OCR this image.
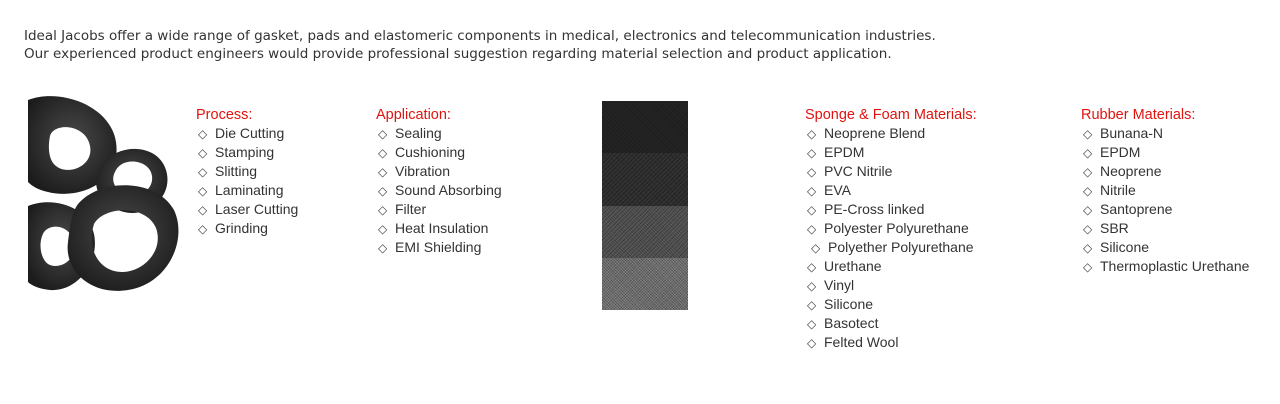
Ideal Jacobs offer a wide range of gasket, pads and elastomeric components in medical, electronics and telecommunication industries.

Our experienced product engineers would provide professional suggestion regarding material selection and product application.

Process:
◇ Die Cutting
◇ Stamping
◇ Slitting
◇ Laminating
◇ Laser Cutting
◇ Grinding
Application:
◇ Sealing
◇ Cushioning
◇ Vibration
◇ Sound Absorbing
◇ Filter
◇ Heat Insulation
◇ EMI Shielding
Sponge & Foam Materials:
◇ Neoprene Blend
◇ EPDM
◇ PVC Nitrile
◇ EVA
◇ PE-Cross linked
◇ Polyester Polyurethane
◇ Polyether Polyurethane
◇ Urethane
◇ Vinyl
◇ Silicone
◇ Basotect
◇ Felted Wool
Rubber Materials:
◇ Bunana-N
◇ EPDM
◇ Neoprene
◇ Nitrile
◇ Santoprene
◇ SBR
◇ Silicone
◇ Thermoplastic Urethane
